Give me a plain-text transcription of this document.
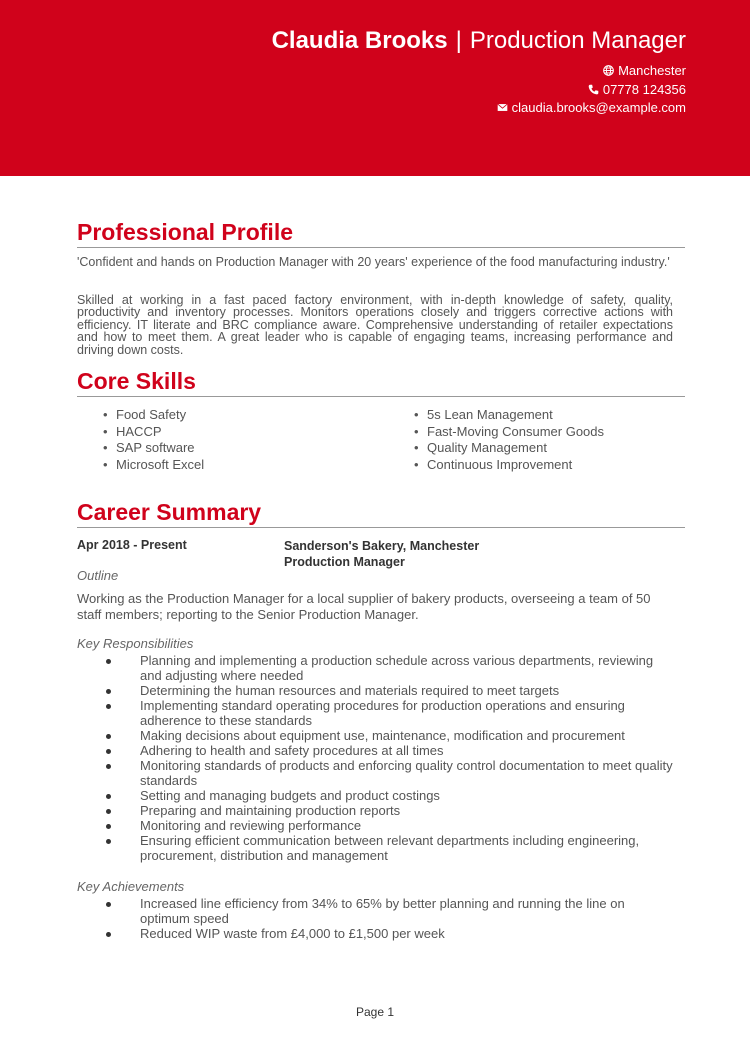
Claudia Brooks | Production Manager
Manchester
07778 124356
claudia.brooks@example.com
Professional Profile
'Confident and hands on Production Manager with 20 years' experience of the food manufacturing industry.'
Skilled at working in a fast paced factory environment, with in-depth knowledge of safety, quality, productivity and inventory processes. Monitors operations closely and triggers corrective actions with efficiency. IT literate and BRC compliance aware. Comprehensive understanding of retailer expectations and how to meet them. A great leader who is capable of engaging teams, increasing performance and driving down costs.
Core Skills
• Food Safety
• HACCP
• SAP software
• Microsoft Excel
• 5s Lean Management
• Fast-Moving Consumer Goods
• Quality Management
• Continuous Improvement
Career Summary
Apr 2018 - Present	Sanderson's Bakery, Manchester
Production Manager
Outline
Working as the Production Manager for a local supplier of bakery products, overseeing a team of 50 staff members; reporting to the Senior Production Manager.
Key Responsibilities
Planning and implementing a production schedule across various departments, reviewing and adjusting where needed
Determining the human resources and materials required to meet targets
Implementing standard operating procedures for production operations and ensuring adherence to these standards
Making decisions about equipment use, maintenance, modification and procurement
Adhering to health and safety procedures at all times
Monitoring standards of products and enforcing quality control documentation to meet quality standards
Setting and managing budgets and product costings
Preparing and maintaining production reports
Monitoring and reviewing performance
Ensuring efficient communication between relevant departments including engineering, procurement, distribution and management
Key Achievements
Increased line efficiency from 34% to 65% by better planning and running the line on optimum speed
Reduced WIP waste from £4,000 to £1,500 per week
Page 1
